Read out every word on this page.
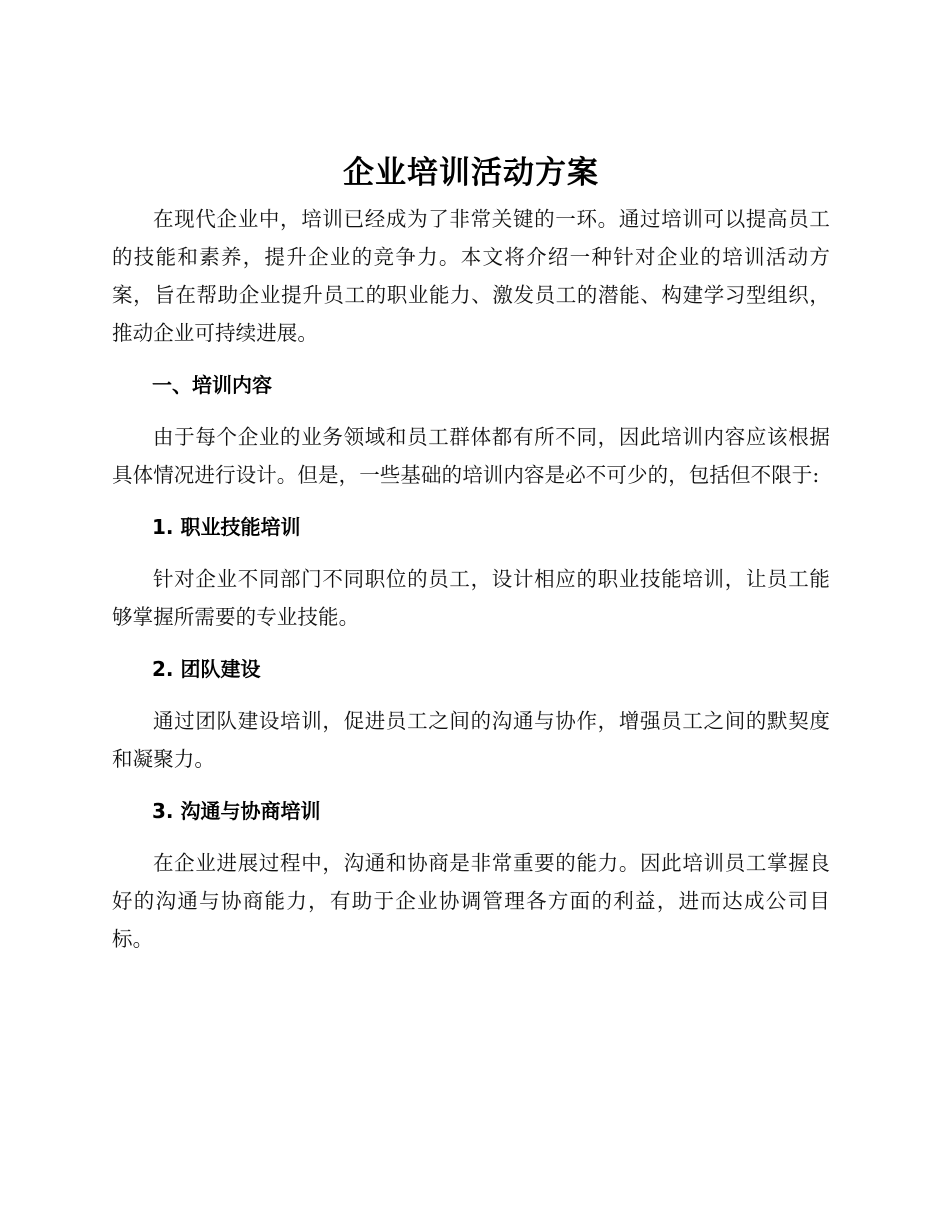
企业培训活动方案

在现代企业中，培训已经成为了非常关键的一环。通过培训可以提高员工的技能和素养，提升企业的竞争力。本文将介绍一种针对企业的培训活动方案，旨在帮助企业提升员工的职业能力、激发员工的潜能、构建学习型组织，推动企业可持续进展。

一、培训内容

由于每个企业的业务领域和员工群体都有所不同，因此培训内容应该根据具体情况进行设计。但是，一些基础的培训内容是必不可少的，包括但不限于:

1. 职业技能培训

针对企业不同部门不同职位的员工，设计相应的职业技能培训，让员工能够掌握所需要的专业技能。

2. 团队建设

通过团队建设培训，促进员工之间的沟通与协作，增强员工之间的默契度和凝聚力。

3. 沟通与协商培训

在企业进展过程中，沟通和协商是非常重要的能力。因此培训员工掌握良好的沟通与协商能力，有助于企业协调管理各方面的利益，进而达成公司目标。
